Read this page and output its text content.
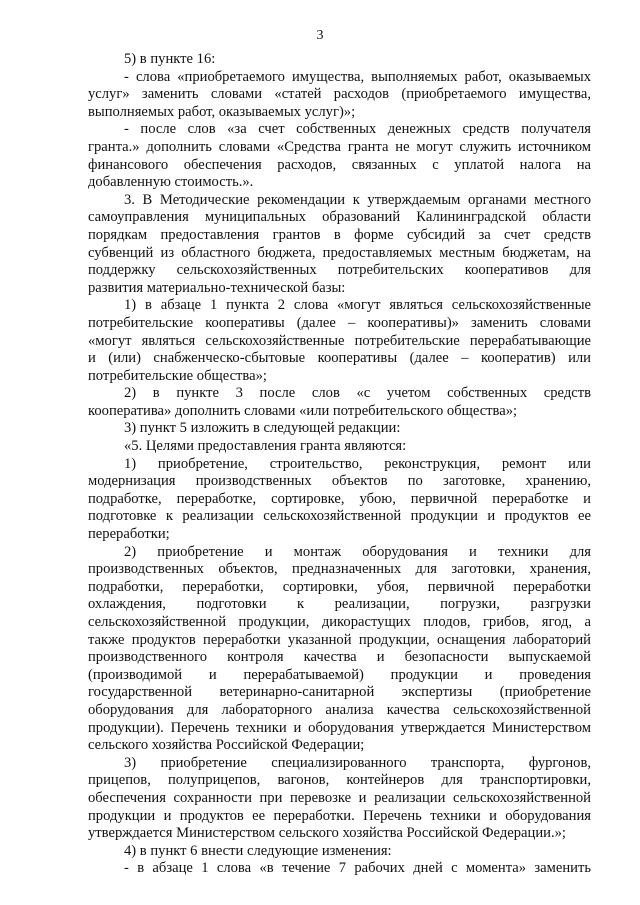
3
5) в пункте 16:
- слова «приобретаемого имущества, выполняемых работ, оказываемых
услуг» заменить словами «статей расходов (приобретаемого имущества,
выполняемых работ, оказываемых услуг)»;
- после слов «за счет собственных денежных средств получателя
гранта.» дополнить словами «Средства гранта не могут служить источником
финансового обеспечения расходов, связанных с уплатой налога на
добавленную стоимость.».
3. В Методические рекомендации к утверждаемым органами местного
самоуправления муниципальных образований Калининградской области
порядкам предоставления грантов в форме субсидий за счет средств
субвенций из областного бюджета, предоставляемых местным бюджетам, на
поддержку сельскохозяйственных потребительских кооперативов для
развития материально-технической базы:
1) в абзаце 1 пункта 2 слова «могут являться сельскохозяйственные
потребительские кооперативы (далее – кооперативы)» заменить словами
«могут являться сельскохозяйственные потребительские перерабатывающие
и (или) снабженческо-сбытовые кооперативы (далее – кооператив) или
потребительские общества»;
2) в пункте 3 после слов «с учетом собственных средств
кооператива» дополнить словами «или потребительского общества»;
3) пункт 5 изложить в следующей редакции:
«5. Целями предоставления гранта являются:
1) приобретение, строительство, реконструкция, ремонт или
модернизация производственных объектов по заготовке, хранению,
подработке, переработке, сортировке, убою, первичной переработке и
подготовке к реализации сельскохозяйственной продукции и продуктов ее
переработки;
2) приобретение и монтаж оборудования и техники для
производственных объектов, предназначенных для заготовки, хранения,
подработки, переработки, сортировки, убоя, первичной переработки
охлаждения, подготовки к реализации, погрузки, разгрузки
сельскохозяйственной продукции, дикорастущих плодов, грибов, ягод, а
также продуктов переработки указанной продукции, оснащения лабораторий
производственного контроля качества и безопасности выпускаемой
(производимой и перерабатываемой) продукции и проведения
государственной ветеринарно-санитарной экспертизы (приобретение
оборудования для лабораторного анализа качества сельскохозяйственной
продукции). Перечень техники и оборудования утверждается Министерством
сельского хозяйства Российской Федерации;
3) приобретение специализированного транспорта, фургонов,
прицепов, полуприцепов, вагонов, контейнеров для транспортировки,
обеспечения сохранности при перевозке и реализации сельскохозяйственной
продукции и продуктов ее переработки. Перечень техники и оборудования
утверждается Министерством сельского хозяйства Российской Федерации.»;
4) в пункт 6 внести следующие изменения:
- в абзаце 1 слова «в течение 7 рабочих дней с момента» заменить
